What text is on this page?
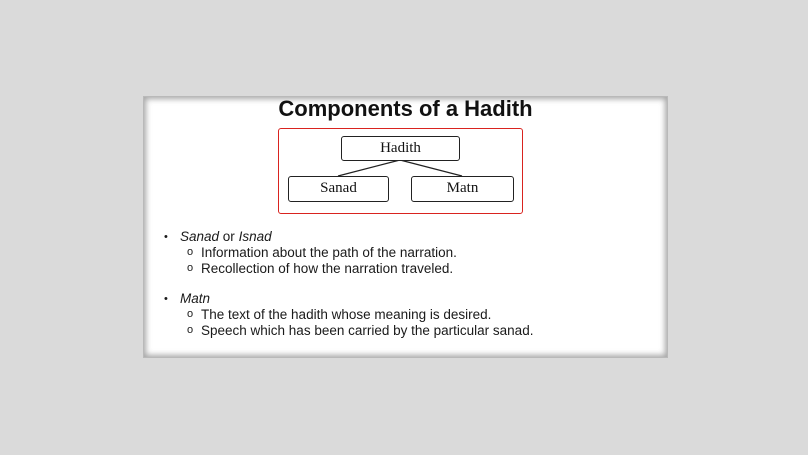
Components of a Hadith
Hadith
Sanad	Matn
• Sanad or Isnad
o Information about the path of the narration.
o Recollection of how the narration traveled.
• Matn
o The text of the hadith whose meaning is desired.
o Speech which has been carried by the particular sanad.
